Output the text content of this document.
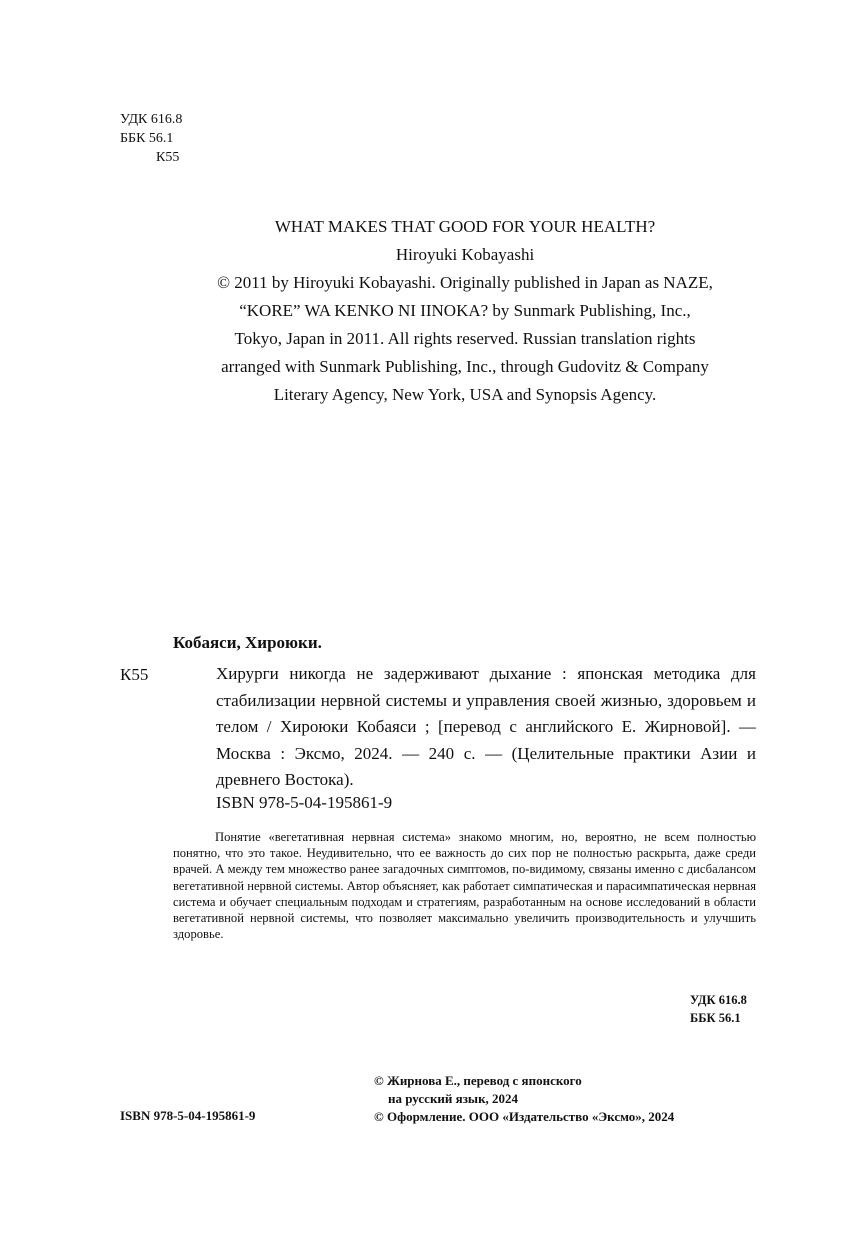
УДК 616.8
ББК 56.1
К55
WHAT MAKES THAT GOOD FOR YOUR HEALTH?
Hiroyuki Kobayashi
© 2011 by Hiroyuki Kobayashi. Originally published in Japan as NAZE,
“KORE” WA KENKO NI IINOKA? by Sunmark Publishing, Inc.,
Tokyo, Japan in 2011. All rights reserved. Russian translation rights
arranged with Sunmark Publishing, Inc., through Gudovitz & Company
Literary Agency, New York, USA and Synopsis Agency.
Кобаяси, Хироюки.
К55	Хирурги никогда не задерживают дыхание : японская методика для стабилизации нервной системы и управления своей жизнью, здоровьем и телом / Хироюки Кобаяси ; [перевод с английского Е. Жирновой]. — Москва : Эксмо, 2024. — 240 с. — (Целительные практики Азии и древнего Востока).
ISBN 978-5-04-195861-9
Понятие «вегетативная нервная система» знакомо многим, но, вероятно, не всем полностью понятно, что это такое. Неудивительно, что ее важность до сих пор не полностью раскрыта, даже среди врачей. А между тем множество ранее загадочных симптомов, по-видимому, связаны именно с дисбалансом вегетативной нервной системы. Автор объясняет, как работает симпатическая и парасимпатическая нервная система и обучает специальным подходам и стратегиям, разработанным на основе исследований в области вегетативной нервной системы, что позволяет максимально увеличить производительность и улучшить здоровье.
УДК 616.8
ББК 56.1
© Жирнова Е., перевод с японского
на русский язык, 2024
© Оформление. ООО «Издательство «Эксмо», 2024
ISBN 978-5-04-195861-9
